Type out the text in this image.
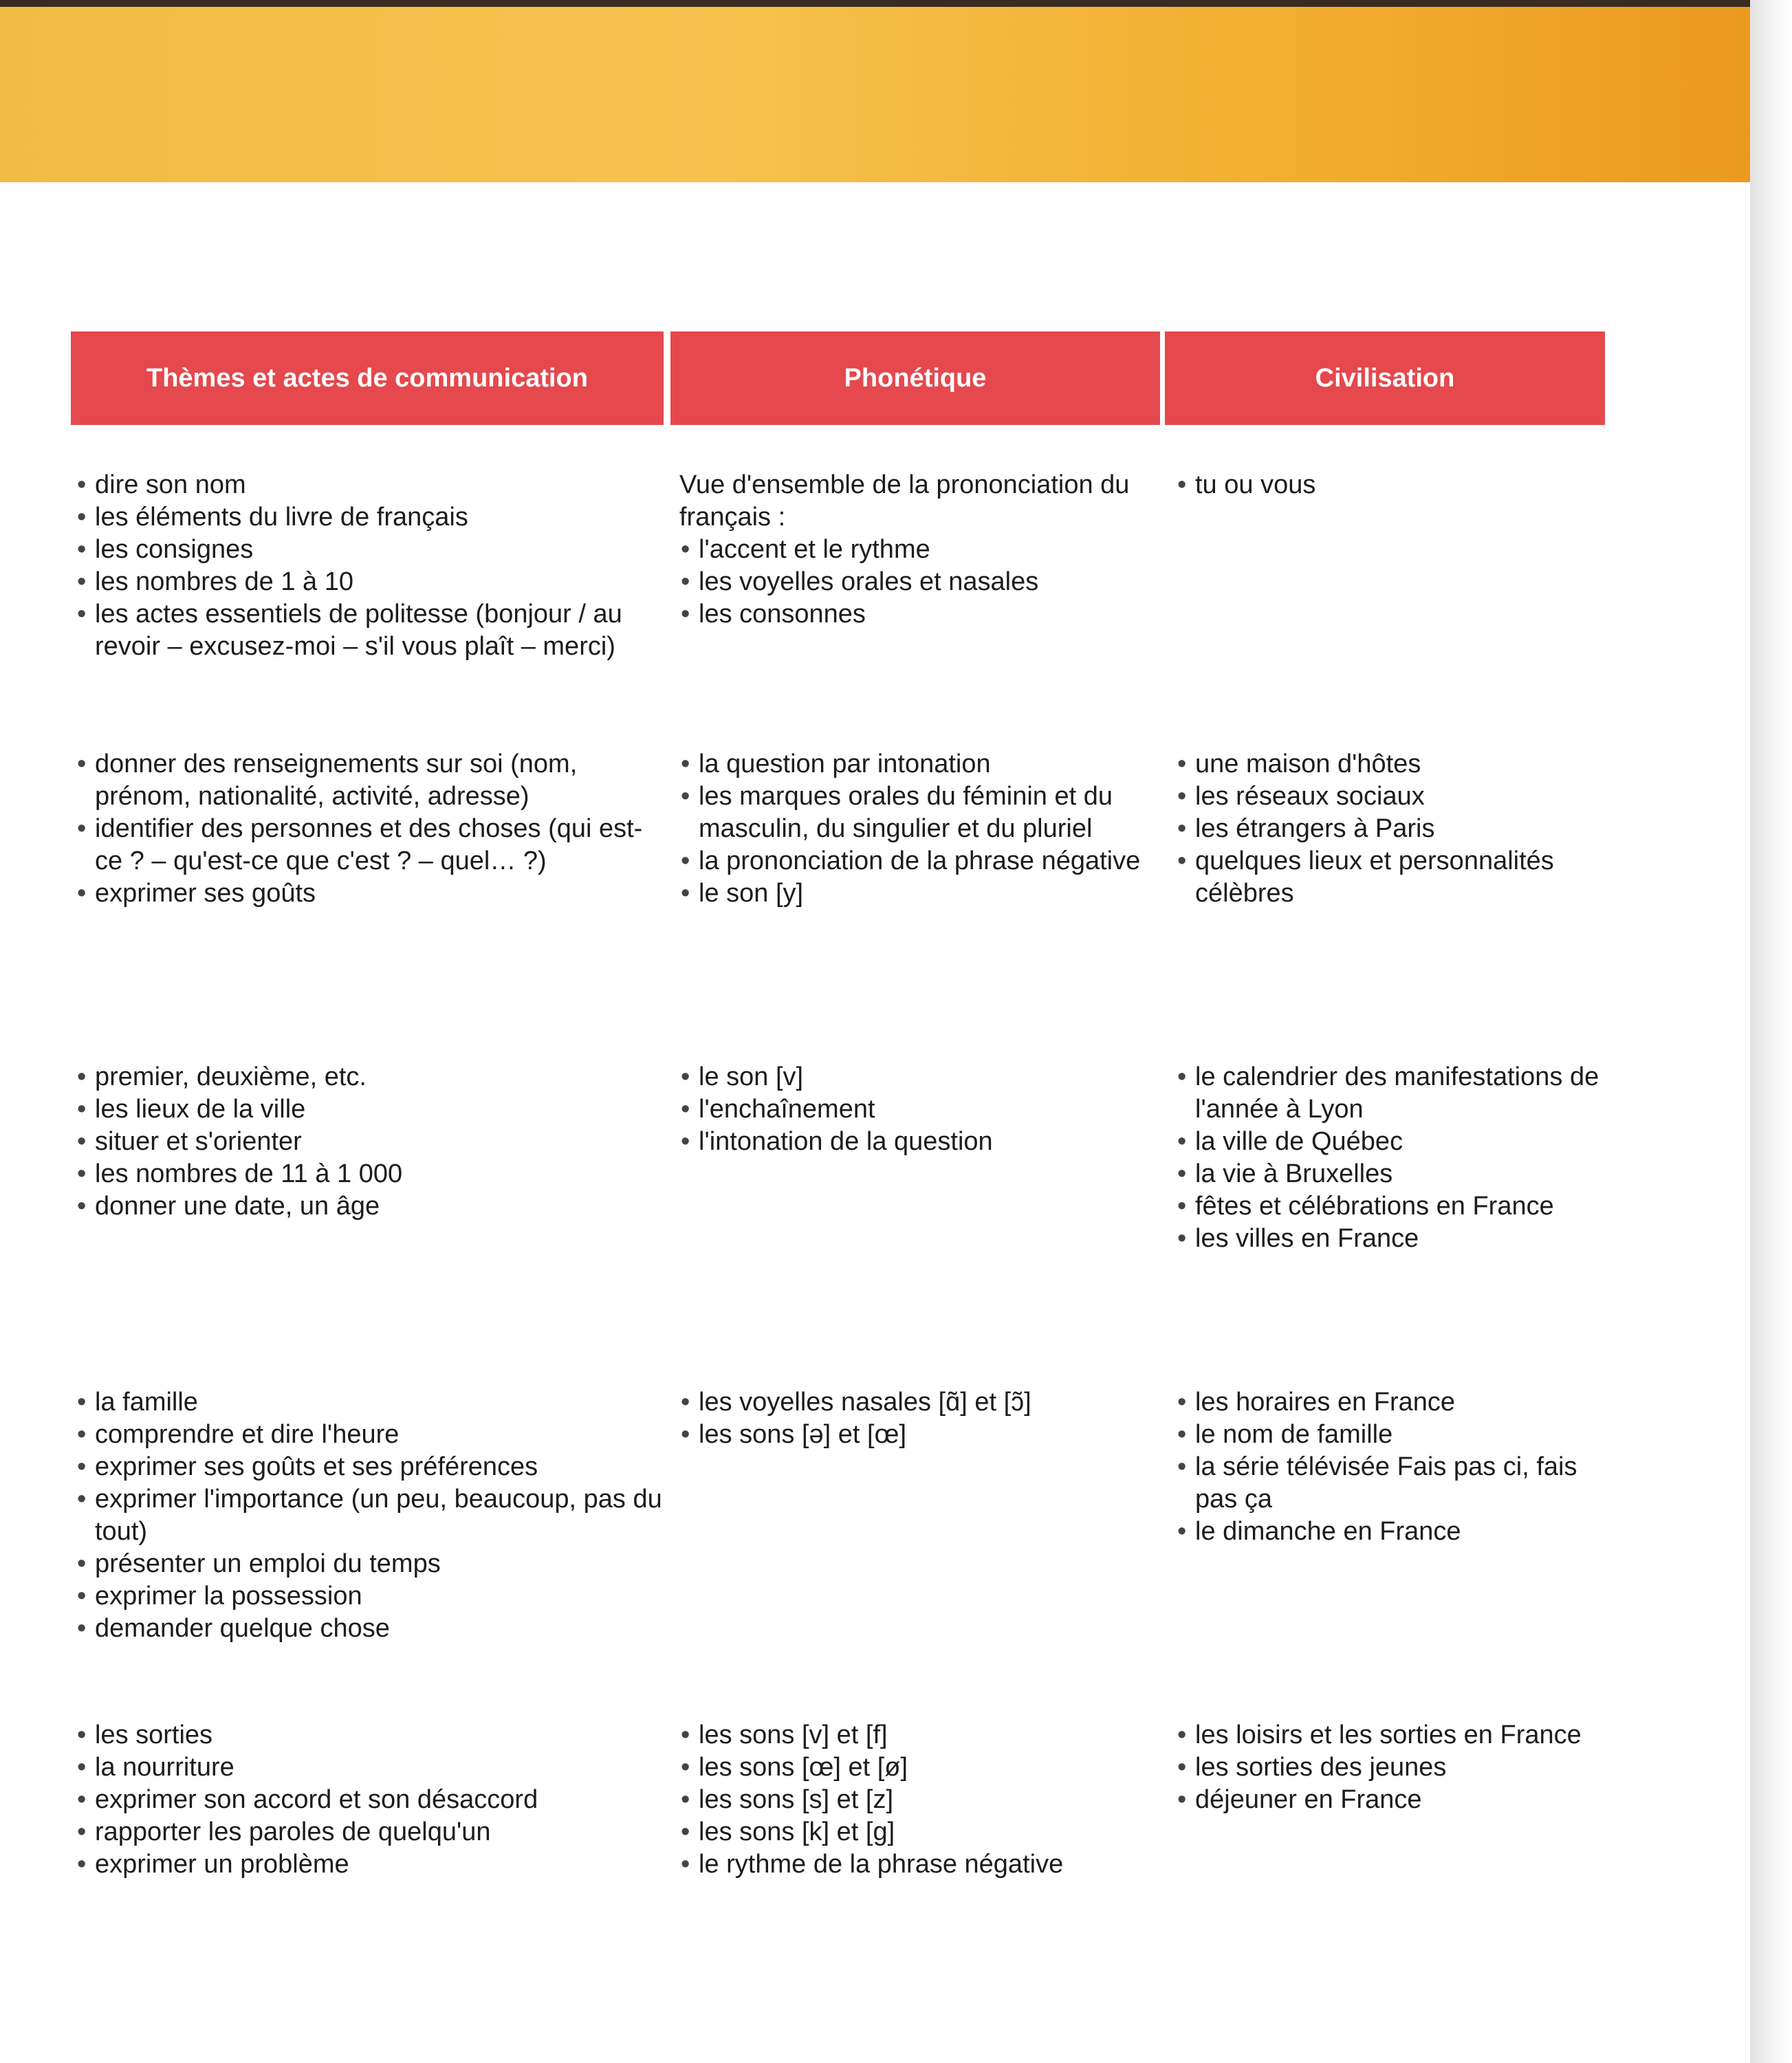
Thèmes et actes de communication	Phonétique	Civilisation
• dire son nom
• les éléments du livre de français
• les consignes
• les nombres de 1 à 10
• les actes essentiels de politesse (bonjour / au revoir – excusez-moi – s'il vous plaît – merci)

Vue d'ensemble de la prononciation du français :

• l'accent et le rythme
• les voyelles orales et nasales
• les consonnes
• tu ou vous
• donner des renseignements sur soi (nom, prénom, nationalité, activité, adresse)
• identifier des personnes et des choses (qui est-ce ? – qu'est-ce que c'est ? – quel… ?)
• exprimer ses goûts
• la question par intonation
• les marques orales du féminin et du masculin, du singulier et du pluriel
• la prononciation de la phrase négative
• le son [y]
• une maison d'hôtes
• les réseaux sociaux
• les étrangers à Paris
• quelques lieux et personnalités célèbres
• premier, deuxième, etc.
• les lieux de la ville
• situer et s'orienter
• les nombres de 11 à 1 000
• donner une date, un âge
• le son [v]
• l'enchaînement
• l'intonation de la question
• le calendrier des manifestations de l'année à Lyon
• la ville de Québec
• la vie à Bruxelles
• fêtes et célébrations en France
• les villes en France
• la famille
• comprendre et dire l'heure
• exprimer ses goûts et ses préférences
• exprimer l'importance (un peu, beaucoup, pas du tout)
• présenter un emploi du temps
• exprimer la possession
• demander quelque chose
• les voyelles nasales [ɑ̃] et [ɔ̃]
• les sons [ə] et [œ]
• les horaires en France
• le nom de famille
• la série télévisée Fais pas ci, fais pas ça
• le dimanche en France
• les sorties
• la nourriture
• exprimer son accord et son désaccord
• rapporter les paroles de quelqu'un
• exprimer un problème
• les sons [v] et [f]
• les sons [œ] et [ø]
• les sons [s] et [z]
• les sons [k] et [g]
• le rythme de la phrase négative
• les loisirs et les sorties en France
• les sorties des jeunes
• déjeuner en France
